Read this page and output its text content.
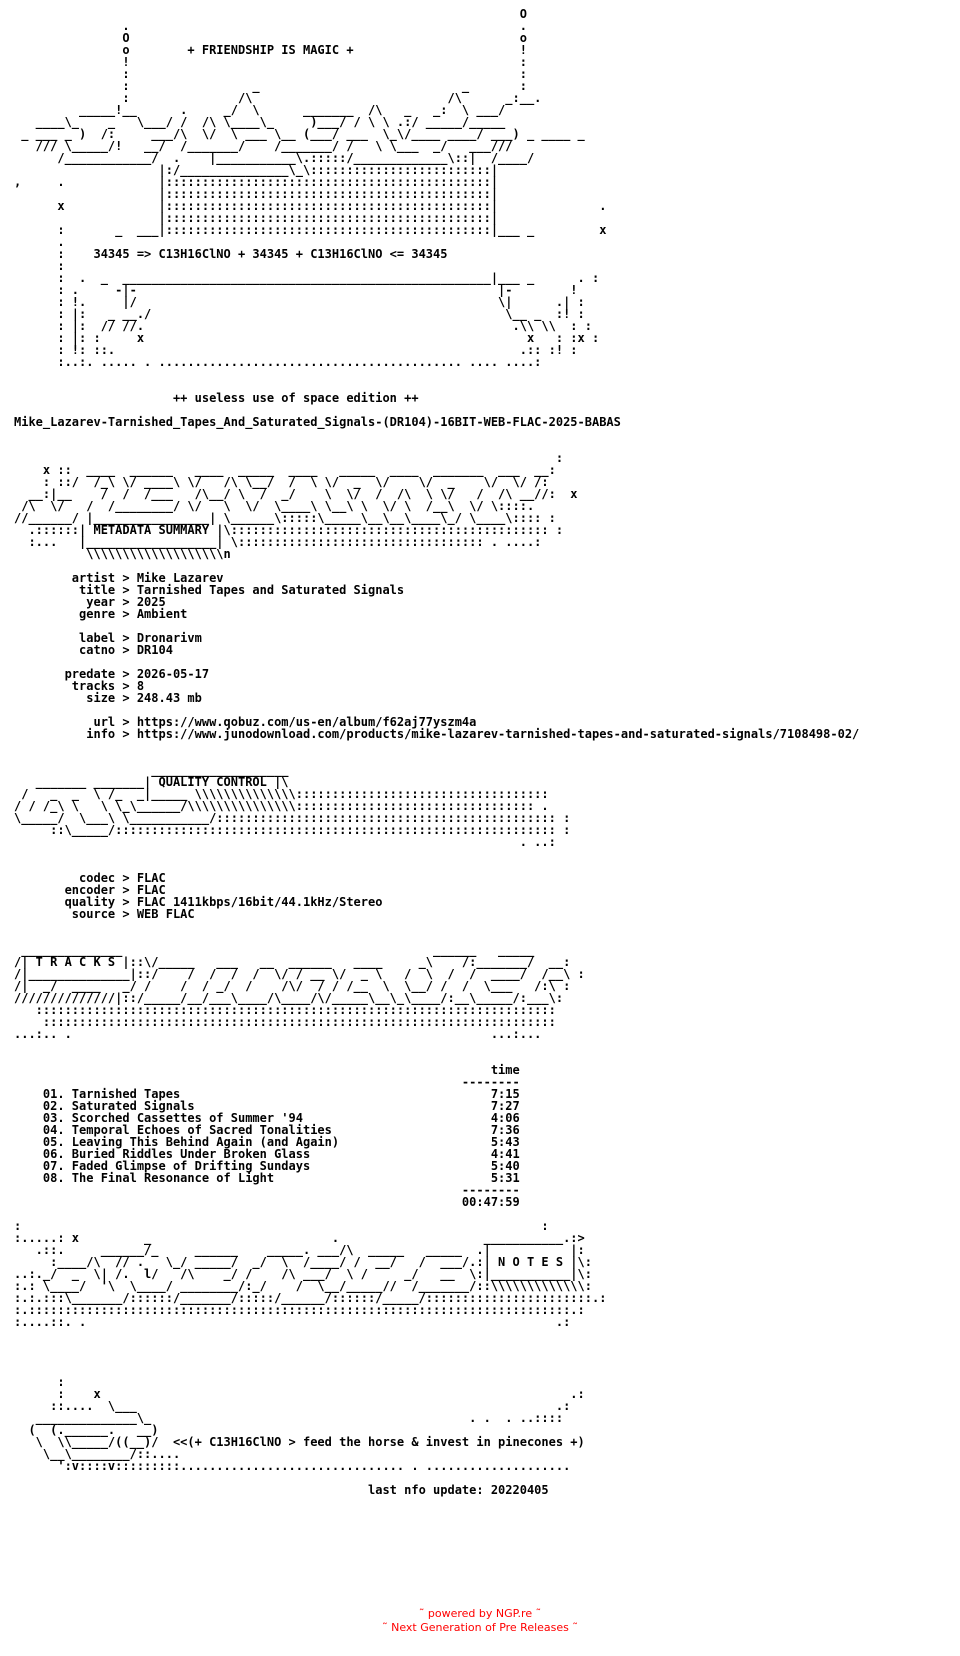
O
.                                                      .
O                                                      o
o        + FRIENDSHIP IS MAGIC +                       !
!                                                      :
:                                                      :
:                 _                            _       :
:               /\                           /\      _:__.
_____!__      .     _/  \      _______  /\   _   _:  \ ___/
____\_    _   \___/ /  /\ \____\_     )___/ / \ \ .:/ _____/_____
_ ___ _ )  /:     ___/\  \/  \ ___ \__ (___/ ___  \_\/____ ____/ ___) _ ____ _
/// \_____/!   __/  /_______/    /_______/ /   \ \___  _/   ___///
/____________/  .    |___________\.:::::/_____________\::|  /____/
|:/_______________\_\:::::::::::::::::::::::::|
,     .             |:::::::::::::::::::::::::::::::::::::::::::::|
|:::::::::::::::::::::::::::::::::::::::::::::|
x             |:::::::::::::::::::::::::::::::::::::::::::::|              .
|:::::::::::::::::::::::::::::::::::::::::::::|
:       _  ___|:::::::::::::::::::::::::::::::::::::::::::::|___ _         x
.
:    34345 => C13H16ClNO + 34345 + C13H16ClNO <= 34345
:
:  .  _  ___________________________________________________|___ _      . :
: .     -|-                                                  |-        !
: !.     |/                                                  \|      .| :
: |:   _ __./                                                 \__ _  :! :
: |:  // //.                                                   .\\ \\  : :
: |: :     x                                                     x   : :x :
: !: ::.                                                        .:: :! :
:..:. ..... . .......................................... .... ....:

++ useless use of space edition ++

Mike_Lazarev-Tarnished_Tapes_And_Saturated_Signals-(DR104)-16BIT-WEB-FLAC-2025-BABAS

:
x ::  ____  ______   ____  _____  ____   _____  ____  _______  ___  __:
: ::/  /_\ \/ ____\ \/   /\ \__/  /  \ \/  _  \/    \/  _    \/  \/ /:
__:|__    /  /  /___   /\__/ \  /  _/    \  \/  /  /\  \ \/   /  /\ __//:  x
/\  \/   /  /________/ \/   \  \/  \____\ \__\ \  \/ \  /__\  \/ \::::.
//______/ |________________| \______\:::::\_____\__\__\____\_/ \____\:::: :
.::::::| METADATA SUMMARY |\:::::::::::::::::::::::::::::::::::::::::::: :
:...   |__________________| \:::::::::::::::::::::::::::::::::: . ....:
\\\\\\\\\\\\\\\\\\\n

artist > Mike Lazarev
title > Tarnished Tapes and Saturated Signals
year > 2025
genre > Ambient

label > Dronarivm
catno > DR104

predate > 2026-05-17
tracks > 8
size > 248.43 mb

url > https://www.qobuz.com/us-en/album/f62aj77yszm4a
info > https://www.junodownload.com/products/mike-lazarev-tarnished-tapes-and-saturated-signals/7108498-02/

___________________
_______ _______| QUALITY CONTROL |\
/   _  _  \ /_  _|_____ \\\\\\\\\\\\\\:::::::::::::::::::::::::::::::::::
/ / /_\ \   \ \_\______/\\\\\\\\\\\\\\\::::::::::::::::::::::::::::::::: .
\_____/  \___\ \___________/::::::::::::::::::::::::::::::::::::::::::::::: :
::\_____/::::::::::::::::::::::::::::::::::::::::::::::::::::::::::::: :
. ..:

codec > FLAC
encoder > FLAC
quality > FLAC 1411kbps/16bit/44.1kHz/Stereo
source > WEB FLAC

______________                                           ______   _____
/| T R A C K S |::\/_____   ___   __  ______   ____     _\    /:_______/  __:
/|______________|::/    /  /  /  /  \/ / __ \/  _ \   /  \  /  /  ____/  /__\ :
/|  _/  ____   _/ /    /  / _/  /    /\/  / / /__  \  \__/ /  /  \___   /:\ :
//////////////|::/_____/__/___\____/\____/\/_____\__\_\____/:__\_____/:___\:
::::::::::::::::::::::::::::::::::::::::::::::::::::::::::::::::::::::::
:::::::::::::::::::::::::::::::::::::::::::::::::::::::::::::::::::::::
...:.. .                                                          ...:...

time
--------
01. Tarnished Tapes                                           7:15
02. Saturated Signals                                         7:27
03. Scorched Cassettes of Summer '94                          4:06
04. Temporal Echoes of Sacred Tonalities                      7:36
05. Leaving This Behind Again (and Again)                     5:43
06. Buried Riddles Under Broken Glass                         4:41
07. Faded Glimpse of Drifting Sundays                         5:40
08. The Final Resonance of Light                              5:31
--------
00:47:59

:                                                                        :
:.....: x         _                         .                    ___________.:>
.::.     ______/_     ______    _____. ___/\  _____   _____  .|           |:
:____/\  // .   \_/ _____/  _/  \  /____/ /  __/   /  ___/.:| N O T E S |\:
..:._/  _  \| /.  l/   /\    _/ /    /\ ___/  \ /     _/   __  \:|___________|\:
:.: \____/  '\  \____/ ________/:_/    /  \__/_____//  /_______/::\\\\\\\\\\\\\:
:.:.:::\_______/::::::/_______/:::::/______/::::::/_____/:::::::::::::::::::::::.:
:.:::::::::::::::::::::::::::::::::::::::::::::::::::::::::::::::::::::::::::.:
:....::. .                                                                 .:

:
:    x                                                                 .:
::....  \___                                                          .:
______________\_                                            . .  . ..::::
(  (.______.   __)
\  \\_____/((__)/  <<(+ C13H16ClNO > feed the horse & invest in pinecones +)
\__\________/::....
':v::::v:::::::::............................... . ....................

last nfo update: 20220405
˜ powered by NGP.re ˜
˜ Next Generation of Pre Releases ˜
